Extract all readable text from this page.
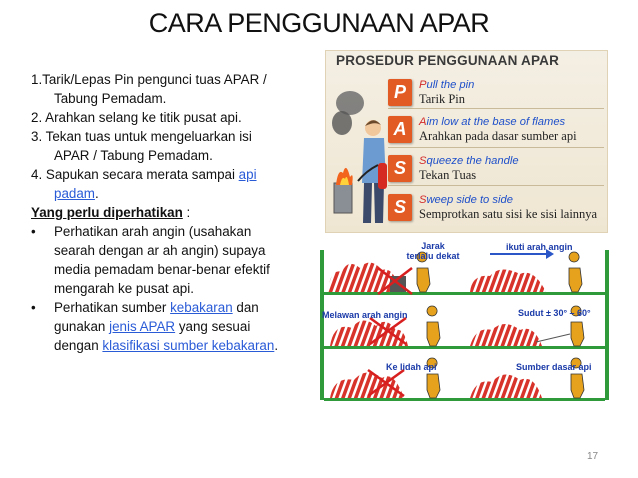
CARA PENGGUNAAN APAR

1.Tarik/Lepas Pin pengunci tuas APAR /

Tabung Pemadam.

2. Arahkan selang ke titik pusat api.

3. Tekan tuas untuk mengeluarkan isi

APAR / Tabung Pemadam.

4. Sapukan secara merata sampai api

padam.

Yang perlu diperhatikan :

•	Perhatikan arah angin (usahakan

searah dengan ar ah angin) supaya

media pemadam benar-benar efektif

mengarah ke pusat api.

•	Perhatikan sumber kebakaran dan

gunakan jenis APAR yang sesuai

dengan klasifikasi sumber kebakaran.

PROSEDUR PENGGUNAAN APAR
P	Pull the pin
Tarik Pin
A	Aim low at the base of flames
Arahkan pada dasar sumber api
S	Squeeze the handle
Tekan Tuas
S	Sweep side to side
Semprotkan satu sisi ke sisi lainnya
Jarak
terlalu dekat
ikuti arah angin
Melawan arah angin	Sudut ± 30° – 60°
Ke lidah api	Sumber dasar api
17
